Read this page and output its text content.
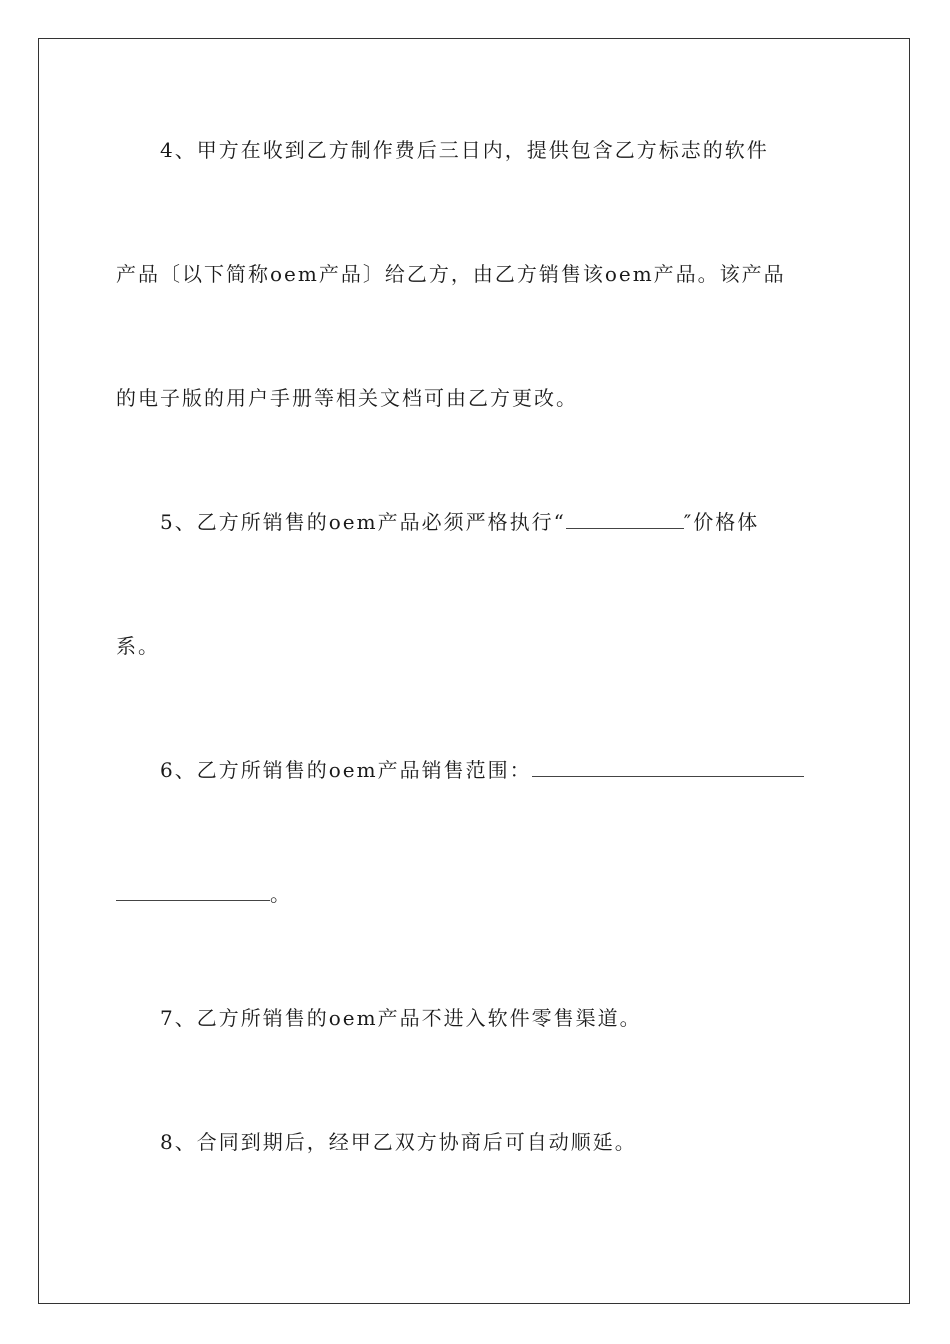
4、甲方在收到乙方制作费后三日内，提供包含乙方标志的软件
产品〔以下简称oem产品〕给乙方，由乙方销售该oem产品。该产品
的电子版的用户手册等相关文档可由乙方更改。
5、乙方所销售的oem产品必须严格执行“	″价格体
系。
6、乙方所销售的oem产品销售范围：
。
7、乙方所销售的oem产品不进入软件零售渠道。
8、合同到期后，经甲乙双方协商后可自动顺延。
